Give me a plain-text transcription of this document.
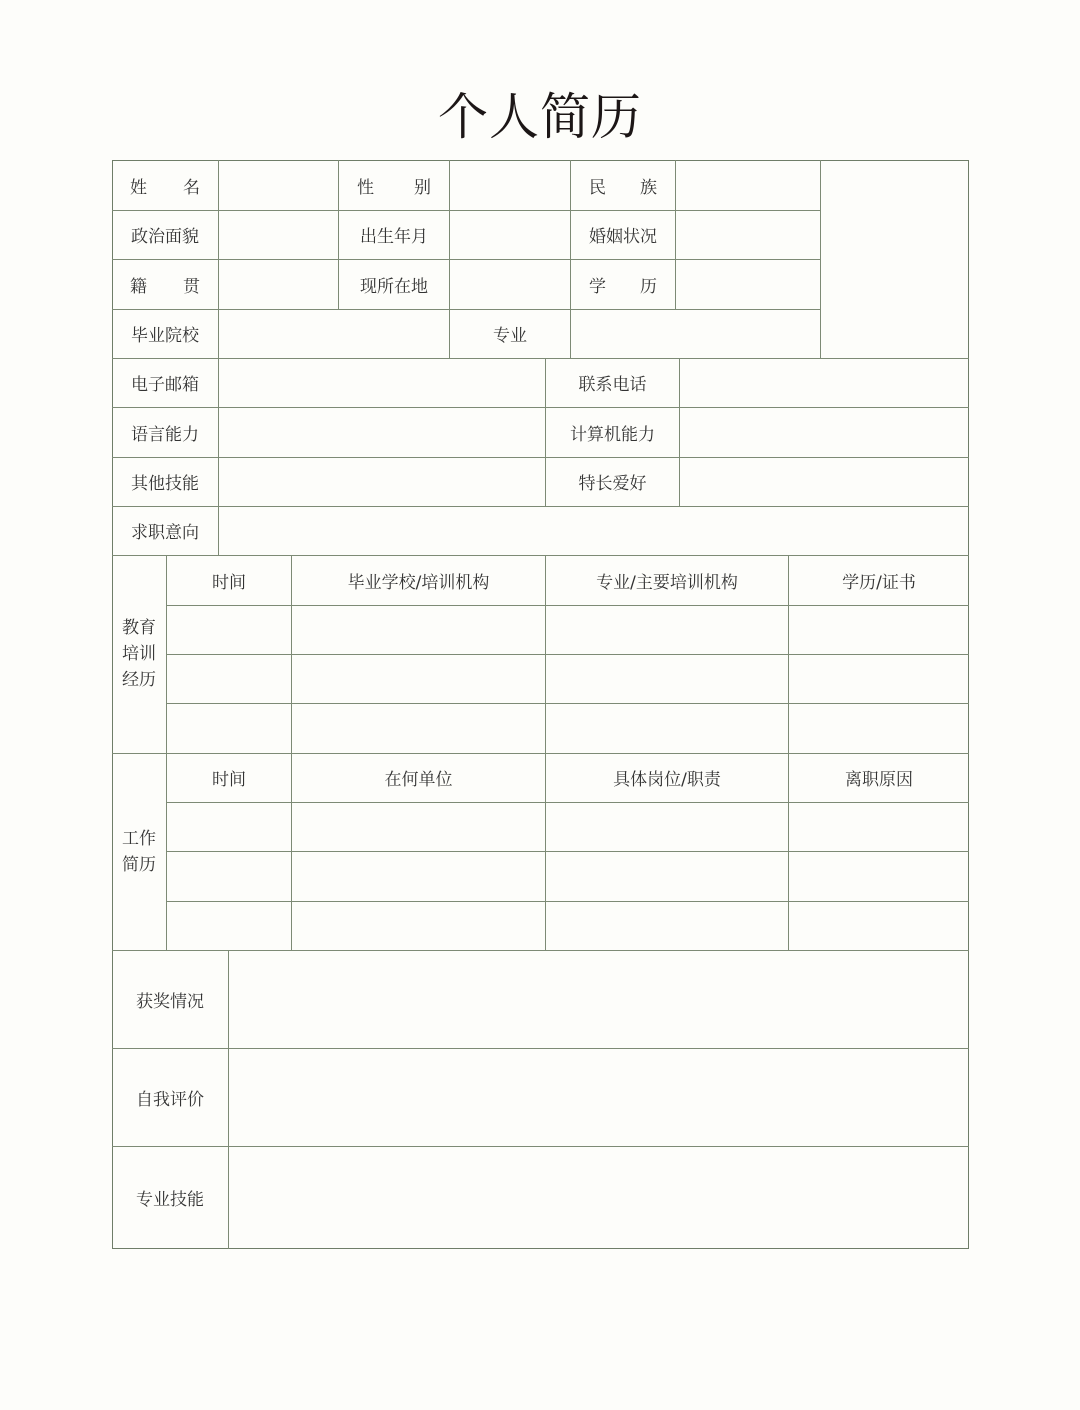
个人简历
姓 名	性 别	民 族
政治面貌	出生年月	婚姻状况
籍 贯	现所在地	学 历
毕业院校	专业
电子邮箱	联系电话
语言能力	计算机能力
其他技能	特长爱好
求职意向
教育
培训
经历
时间	毕业学校/培训机构	专业/主要培训机构	学历/证书
工作
简历
时间	在何单位	具体岗位/职责	离职原因
获奖情况
自我评价
专业技能
